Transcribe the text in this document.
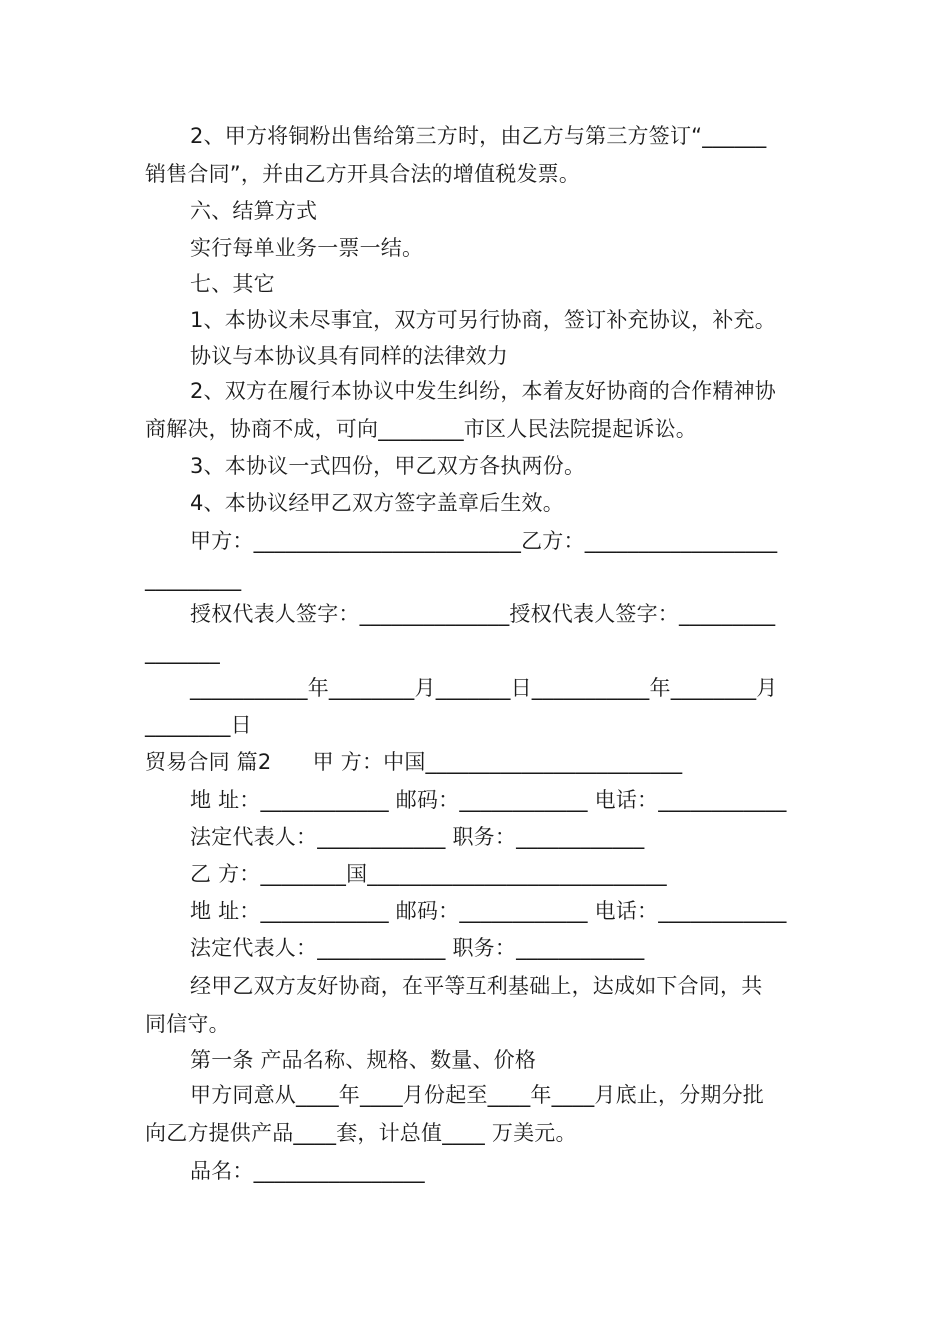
2、甲方将铜粉出售给第三方时，由乙方与第三方签订“______
销售合同”，并由乙方开具合法的增值税发票。
六、结算方式
实行每单业务一票一结。
七、其它
1、本协议未尽事宜，双方可另行协商，签订补充协议，补充。
协议与本协议具有同样的法律效力
2、双方在履行本协议中发生纠纷，本着友好协商的合作精神协
商解决，协商不成，可向________市区人民法院提起诉讼。
3、本协议一式四份，甲乙双方各执两份。
4、本协议经甲乙双方签字盖章后生效。
甲方：_________________________乙方：__________________
_________
授权代表人签字：______________授权代表人签字：_________
_______
___________年________月_______日___________年________月
________日
贸易合同 篇2      甲 方：中国________________________
地 址：____________ 邮码：____________ 电话：____________
法定代表人：____________ 职务：____________
乙 方：________国____________________________
地 址：____________ 邮码：____________ 电话：____________
法定代表人：____________ 职务：____________
经甲乙双方友好协商，在平等互利基础上，达成如下合同，共
同信守。
第一条 产品名称、规格、数量、价格
甲方同意从____年____月份起至____年____月底止，分期分批
向乙方提供产品____套，计总值____ 万美元。
品名：________________
